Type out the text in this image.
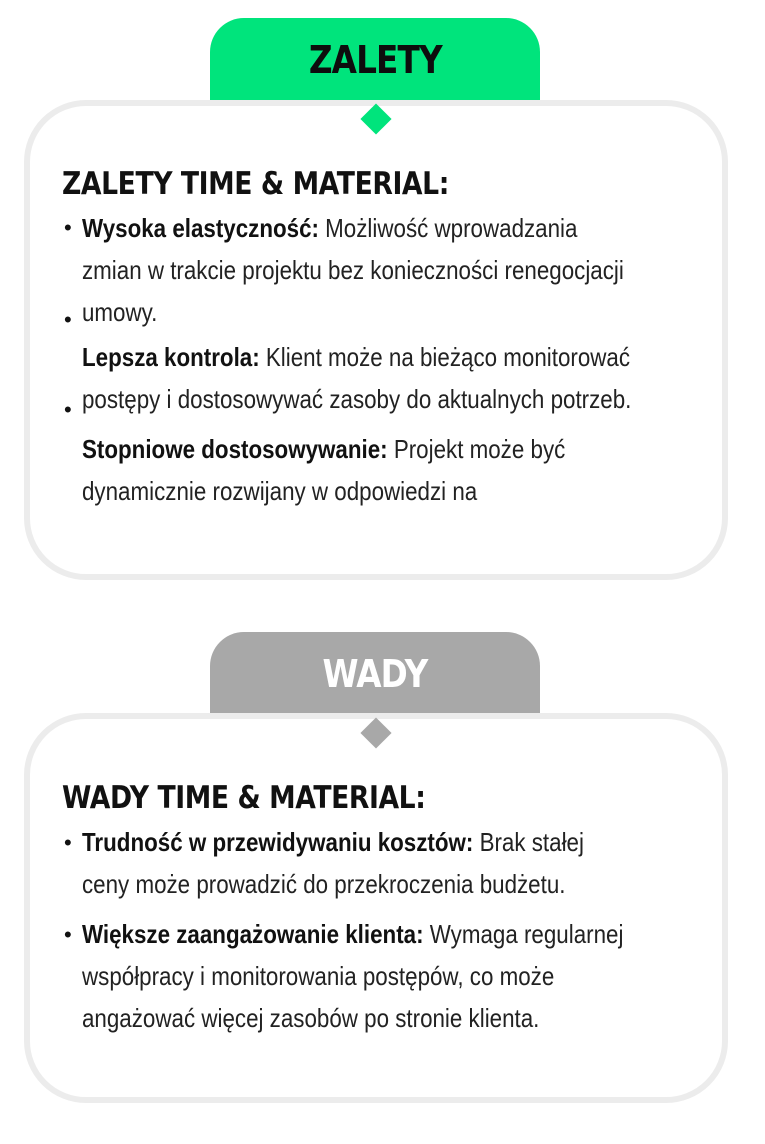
ZALETY
ZALETY TIME & MATERIAL:
• Wysoka elastyczność: Możliwość wprowadzania zmian w trakcie projektu bez konieczności renegocjacji umowy.

•

Lepsza kontrola: Klient może na bieżąco monitorować postępy i dostosowywać zasoby do aktualnych potrzeb.

•

Stopniowe dostosowywanie: Projekt może być dynamicznie rozwijany w odpowiedzi na

WADY
WADY TIME & MATERIAL:
• Trudność w przewidywaniu kosztów: Brak stałej ceny może prowadzić do przekroczenia budżetu.

• Większe zaangażowanie klienta: Wymaga regularnej współpracy i monitorowania postępów, co może angażować więcej zasobów po stronie klienta.
